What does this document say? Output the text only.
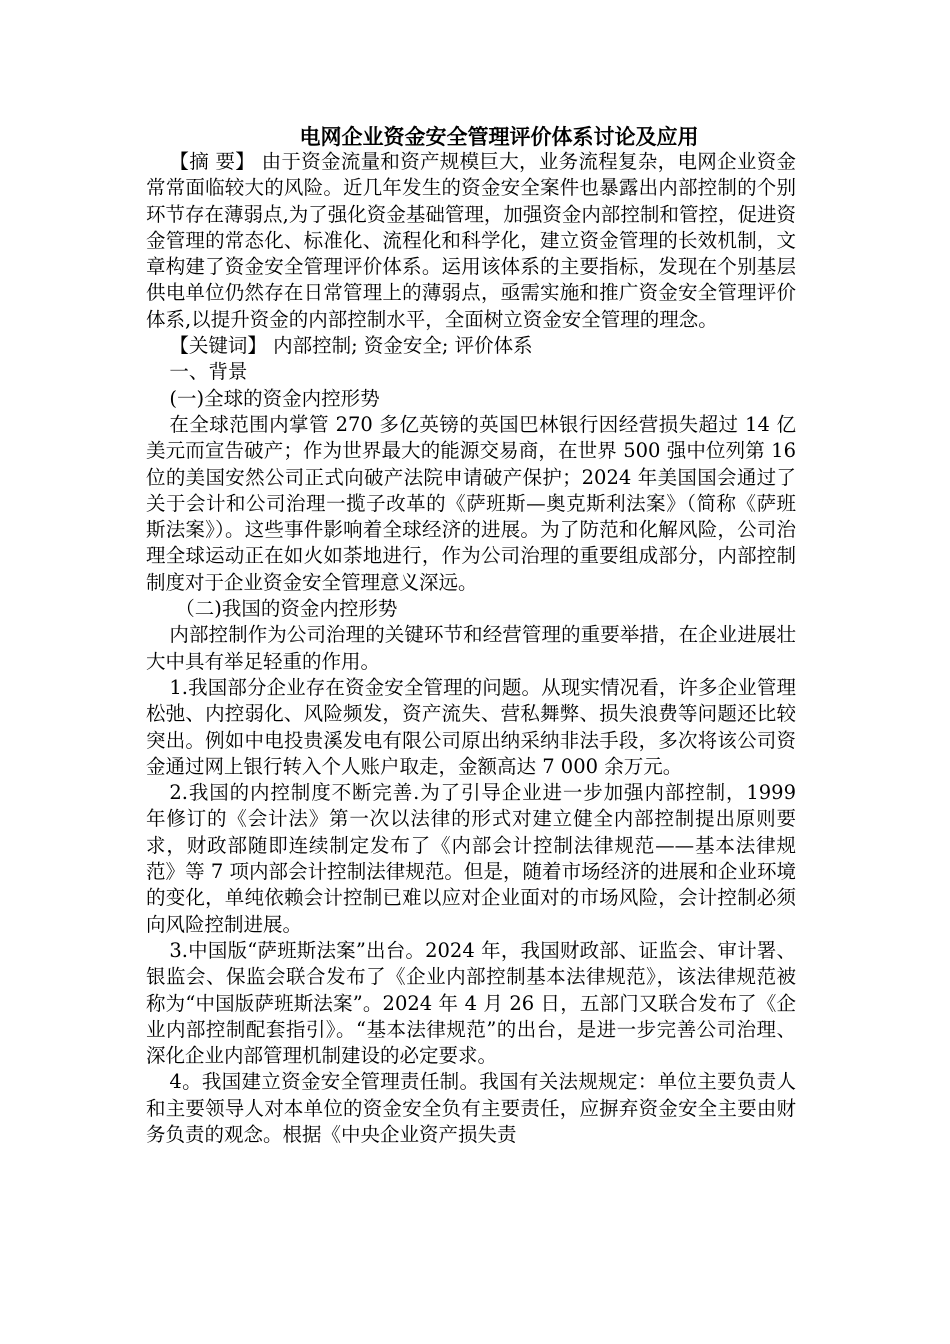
电网企业资金安全管理评价体系讨论及应用

【摘 要】 由于资金流量和资产规模巨大，业务流程复杂，电网企业资金常常面临较大的风险。近几年发生的资金安全案件也暴露出内部控制的个别环节存在薄弱点,为了强化资金基础管理，加强资金内部控制和管控，促进资金管理的常态化、标准化、流程化和科学化，建立资金管理的长效机制，文章构建了资金安全管理评价体系。运用该体系的主要指标，发现在个别基层供电单位仍然存在日常管理上的薄弱点，亟需实施和推广资金安全管理评价体系,以提升资金的内部控制水平，全面树立资金安全管理的理念。

【关键词】 内部控制; 资金安全; 评价体系

一、背景

(一)全球的资金内控形势

在全球范围内掌管 270 多亿英镑的英国巴林银行因经营损失超过 14 亿美元而宣告破产；作为世界最大的能源交易商，在世界 500 强中位列第 16 位的美国安然公司正式向破产法院申请破产保护；2024 年美国国会通过了关于会计和公司治理一揽子改革的《萨班斯—奥克斯利法案》（简称《萨班斯法案》）。这些事件影响着全球经济的进展。为了防范和化解风险，公司治理全球运动正在如火如荼地进行，作为公司治理的重要组成部分，内部控制制度对于企业资金安全管理意义深远。

（二)我国的资金内控形势

内部控制作为公司治理的关键环节和经营管理的重要举措，在企业进展壮大中具有举足轻重的作用。

1.我国部分企业存在资金安全管理的问题。从现实情况看，许多企业管理松弛、内控弱化、风险频发，资产流失、营私舞弊、损失浪费等问题还比较突出。例如中电投贵溪发电有限公司原出纳采纳非法手段，多次将该公司资金通过网上银行转入个人账户取走，金额高达 7 000 余万元。

2.我国的内控制度不断完善.为了引导企业进一步加强内部控制，1999 年修订的《会计法》第一次以法律的形式对建立健全内部控制提出原则要求，财政部随即连续制定发布了《内部会计控制法律规范——基本法律规范》等 7 项内部会计控制法律规范。但是，随着市场经济的进展和企业环境的变化，单纯依赖会计控制已难以应对企业面对的市场风险，会计控制必须向风险控制进展。

3.中国版“萨班斯法案”出台。2024 年，我国财政部、证监会、审计署、银监会、保监会联合发布了《企业内部控制基本法律规范》，该法律规范被称为“中国版萨班斯法案”。2024 年 4 月 26 日，五部门又联合发布了《企业内部控制配套指引》。“基本法律规范”的出台，是进一步完善公司治理、深化企业内部管理机制建设的必定要求。

4。我国建立资金安全管理责任制。我国有关法规规定：单位主要负责人和主要领导人对本单位的资金安全负有主要责任，应摒弃资金安全主要由财务负责的观念。根据《中央企业资产损失责
